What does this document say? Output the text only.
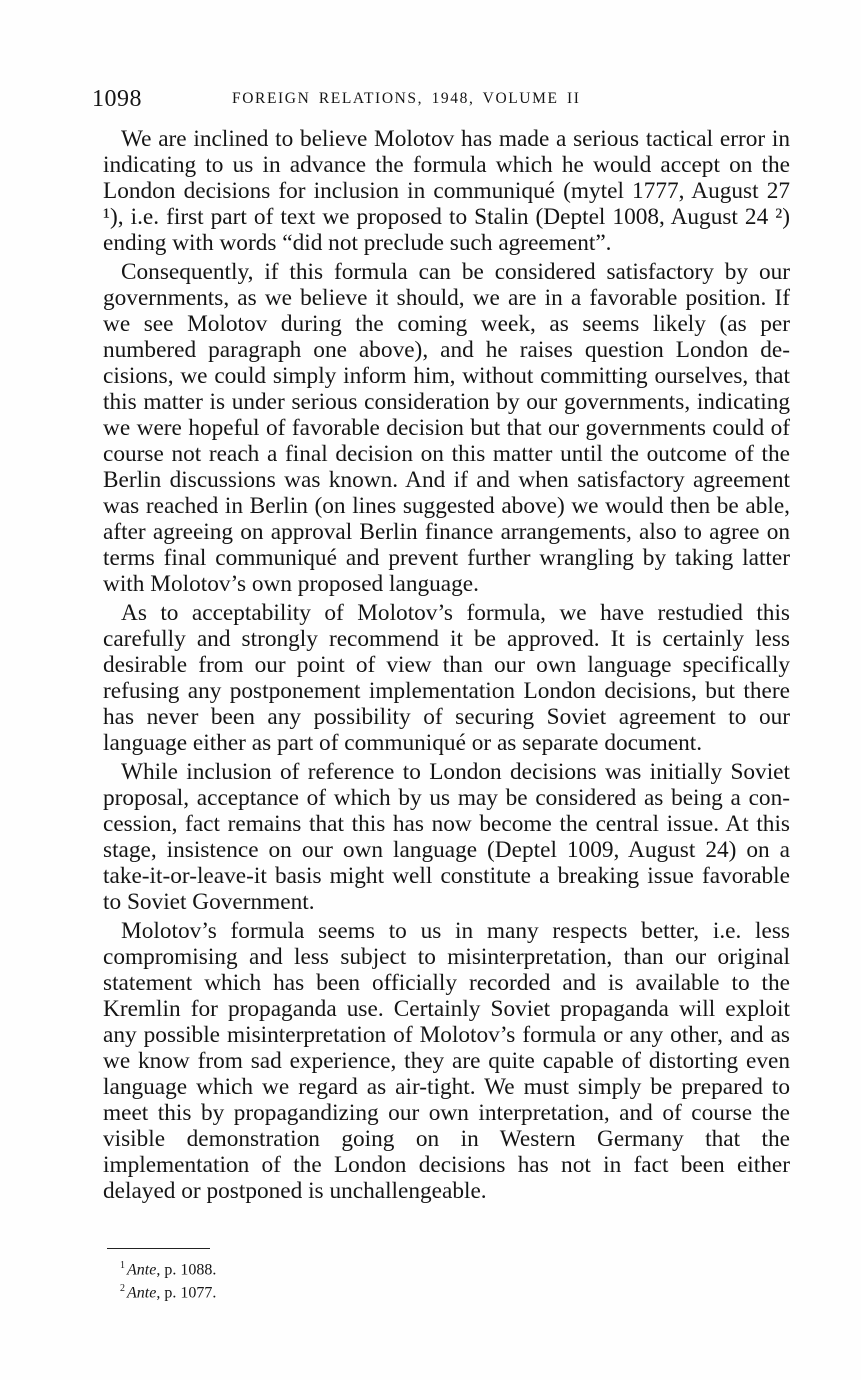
1098	FOREIGN RELATIONS, 1948, VOLUME II

We are inclined to believe Molotov has made a serious tactical error in indicating to us in advance the formula which he would accept on the London decisions for inclusion in communiqué (mytel 1777, August 27 ¹), i.e. first part of text we proposed to Stalin (Deptel 1008, August 24 ²) ending with words “did not preclude such agreement”.

Consequently, if this formula can be considered satisfactory by our governments, as we believe it should, we are in a favorable position. If we see Molotov during the coming week, as seems likely (as per numbered paragraph one above), and he raises question London decisions, we could simply inform him, without committing ourselves, that this matter is under serious consideration by our governments, indicating we were hopeful of favorable decision but that our governments could of course not reach a final decision on this matter until the outcome of the Berlin discussions was known. And if and when satisfactory agreement was reached in Berlin (on lines suggested above) we would then be able, after agreeing on approval Berlin finance arrangements, also to agree on terms final communiqué and prevent further wrangling by taking latter with Molotov’s own proposed language.

As to acceptability of Molotov’s formula, we have restudied this carefully and strongly recommend it be approved. It is certainly less desirable from our point of view than our own language specifically refusing any postponement implementation London decisions, but there has never been any possibility of securing Soviet agreement to our language either as part of communiqué or as separate document.

While inclusion of reference to London decisions was initially Soviet proposal, acceptance of which by us may be considered as being a concession, fact remains that this has now become the central issue. At this stage, insistence on our own language (Deptel 1009, August 24) on a take-it-or-leave-it basis might well constitute a breaking issue favorable to Soviet Government.

Molotov’s formula seems to us in many respects better, i.e. less compromising and less subject to misinterpretation, than our original statement which has been officially recorded and is available to the Kremlin for propaganda use. Certainly Soviet propaganda will exploit any possible misinterpretation of Molotov’s formula or any other, and as we know from sad experience, they are quite capable of distorting even language which we regard as air-tight. We must simply be prepared to meet this by propagandizing our own interpretation, and of course the visible demonstration going on in Western Germany that the implementation of the London decisions has not in fact been either delayed or postponed is unchallengeable.

$^1$ Ante, p. 1088.
$^2$ Ante, p. 1077.
